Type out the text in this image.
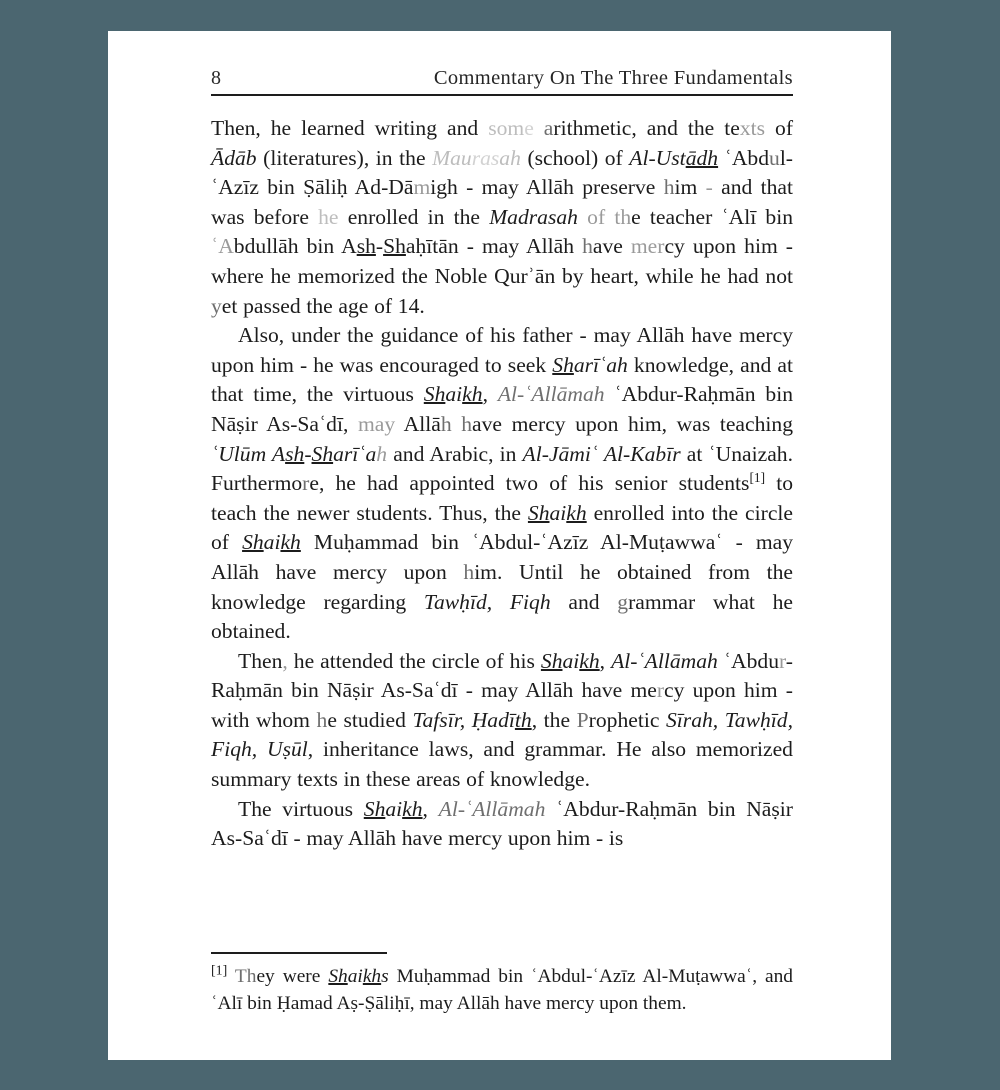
8	Commentary On The Three Fundamentals

Then, he learned writing and some arithmetic, and the texts of Ādāb (literatures), in the Maurasah (school) of Al-Ustādh ʿAbdul-ʿAzīz bin Ṣāliḥ Ad-Dāmigh - may Allāh preserve him - and that was before he enrolled in the Madrasah of the teacher ʿAlī bin ʿAbdullāh bin Ash-Shaḥītān - may Allāh have mercy upon him - where he memorized the Noble Qurʾān by heart, while he had not yet passed the age of 14.

Also, under the guidance of his father - may Allāh have mercy upon him - he was encouraged to seek Sharīʿah knowledge, and at that time, the virtuous Shaikh, Al-ʿAllāmah ʿAbdur-Raḥmān bin Nāṣir As-Saʿdī, may Allāh have mercy upon him, was teaching ʿUlūm Ash-Sharīʿah and Arabic, in Al-Jāmiʿ Al-Kabīr at ʿUnaizah. Furthermore, he had appointed two of his senior students[1] to teach the newer students. Thus, the Shaikh enrolled into the circle of Shaikh Muḥammad bin ʿAbdul-ʿAzīz Al-Muṭawwaʿ - may Allāh have mercy upon him. Until he obtained from the knowledge regarding Tawḥīd, Fiqh and grammar what he obtained.

Then, he attended the circle of his Shaikh, Al-ʿAllāmah ʿAbdur-Raḥmān bin Nāṣir As-Saʿdī - may Allāh have mercy upon him - with whom he studied Tafsīr, Ḥadīth, the Prophetic Sīrah, Tawḥīd, Fiqh, Uṣūl, inheritance laws, and grammar. He also memorized summary texts in these areas of knowledge.

The virtuous Shaikh, Al-ʿAllāmah ʿAbdur-Raḥmān bin Nāṣir As-Saʿdī - may Allāh have mercy upon him - is

[1] They were Shaikhs Muḥammad bin ʿAbdul-ʿAzīz Al-Muṭawwaʿ, and ʿAlī bin Ḥamad Aṣ-Ṣāliḥī, may Allāh have mercy upon them.
